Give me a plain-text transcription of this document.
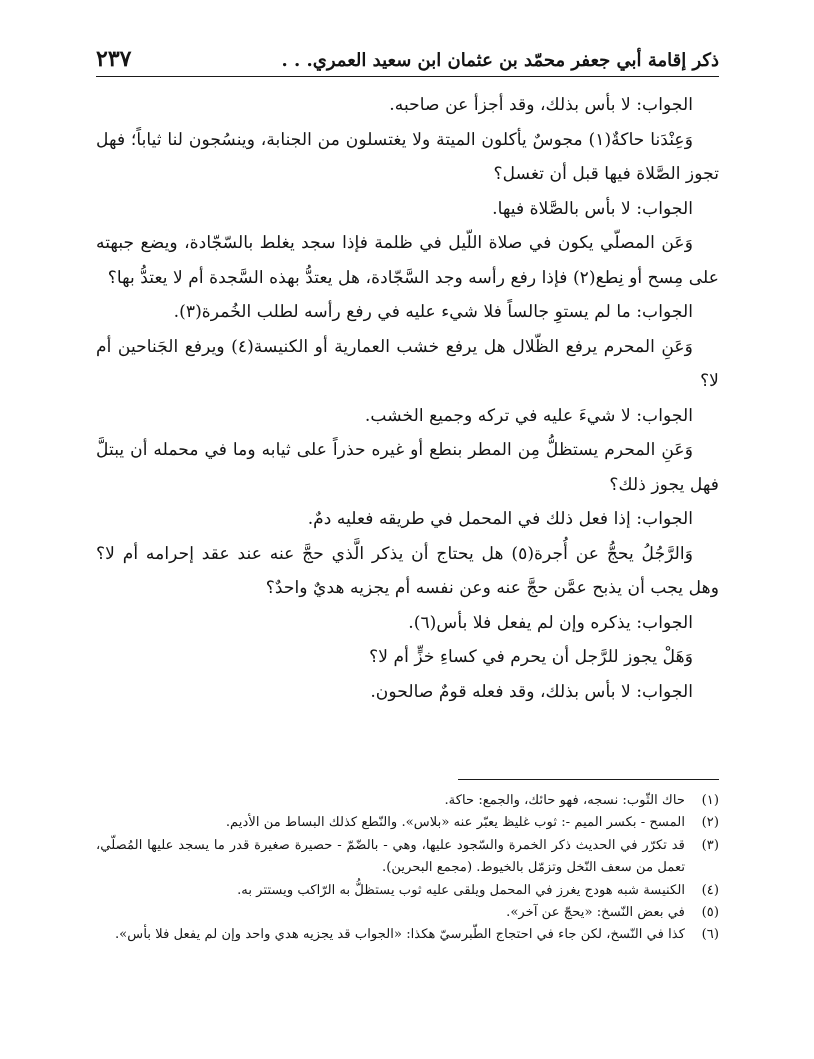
ذكر إقامة أبي جعفر محمّد بن عثمان ابن سعيد العمري. . .
٢٣٧

الجواب: لا بأس بذلك، وقد أجزأ عن صاحبه.

وَعِنْدَنا حاكةٌ(١) مجوسٌ يأكلون الميتة ولا يغتسلون من الجنابة، وينسُجون لنا ثياباً؛ فهل تجوز الصَّلاة فيها قبل أن تغسل؟

الجواب: لا بأس بالصَّلاة فيها.

وَعَن المصلّي يكون في صلاة اللّيل في ظلمة فإذا سجد يغلط بالسّجّادة، ويضع جبهته على مِسح أو نِطع(٢) فإذا رفع رأسه وجد السَّجّادة، هل يعتدُّ بهذه السَّجدة أم لا يعتدُّ بها؟

الجواب: ما لم يستوِ جالساً فلا شيء عليه في رفع رأسه لطلب الخُمرة(٣).

وَعَنِ المحرم يرفع الظّلال هل يرفع خشب العمارية أو الكنيسة(٤) ويرفع الجَناحين أم لا؟

الجواب: لا شيءَ عليه في تركه وجميع الخشب.

وَعَنِ المحرم يستظلُّ مِن المطر بنطع أو غيره حذراً على ثيابه وما في محمله أن يبتلَّ فهل يجوز ذلك؟

الجواب: إذا فعل ذلك في المحمل في طريقه فعليه دمٌ.

وَالرَّجُلُ يحجُّ عن أُجرة(٥) هل يحتاج أن يذكر الَّذي حجَّ عنه عند عقد إحرامه أم لا؟ وهل يجب أن يذبح عمَّن حجَّ عنه وعن نفسه أم يجزيه هديٌ واحدٌ؟

الجواب: يذكره وإن لم يفعل فلا بأس(٦).

وَهَلْ يجوز للرَّجل أن يحرم في كساءِ خزٍّ أم لا؟

الجواب: لا بأس بذلك، وقد فعله قومٌ صالحون.

(١)
حاك الثّوب: نسجه، فهو حائك، والجمع: حاكة.
(٢)
المسح - بكسر الميم -: ثوب غليظ يعبّر عنه «بلاس». والنّطع كذلك البساط من الأديم.
(٣)
قد تكرّر في الحديث ذكر الخمرة والسّجود عليها، وهي - بالضّمّ - حصيرة صغيرة قدر ما يسجد عليها المُصلّي، تعمل من سعف النّخل وتزمّل بالخيوط. (مجمع البحرين).
(٤)
الكنيسة شبه هودج يغرز في المحمل ويلقى عليه ثوب يستظلُّ به الرّاكب ويستتر به.
(٥)
في بعض النّسخ: «يحجّ عن آخر».
(٦)
كذا في النّسخ، لكن جاء في احتجاج الطّبرسيّ هكذا: «الجواب قد يجزيه هدي واحد وإن لم يفعل فلا بأس».
